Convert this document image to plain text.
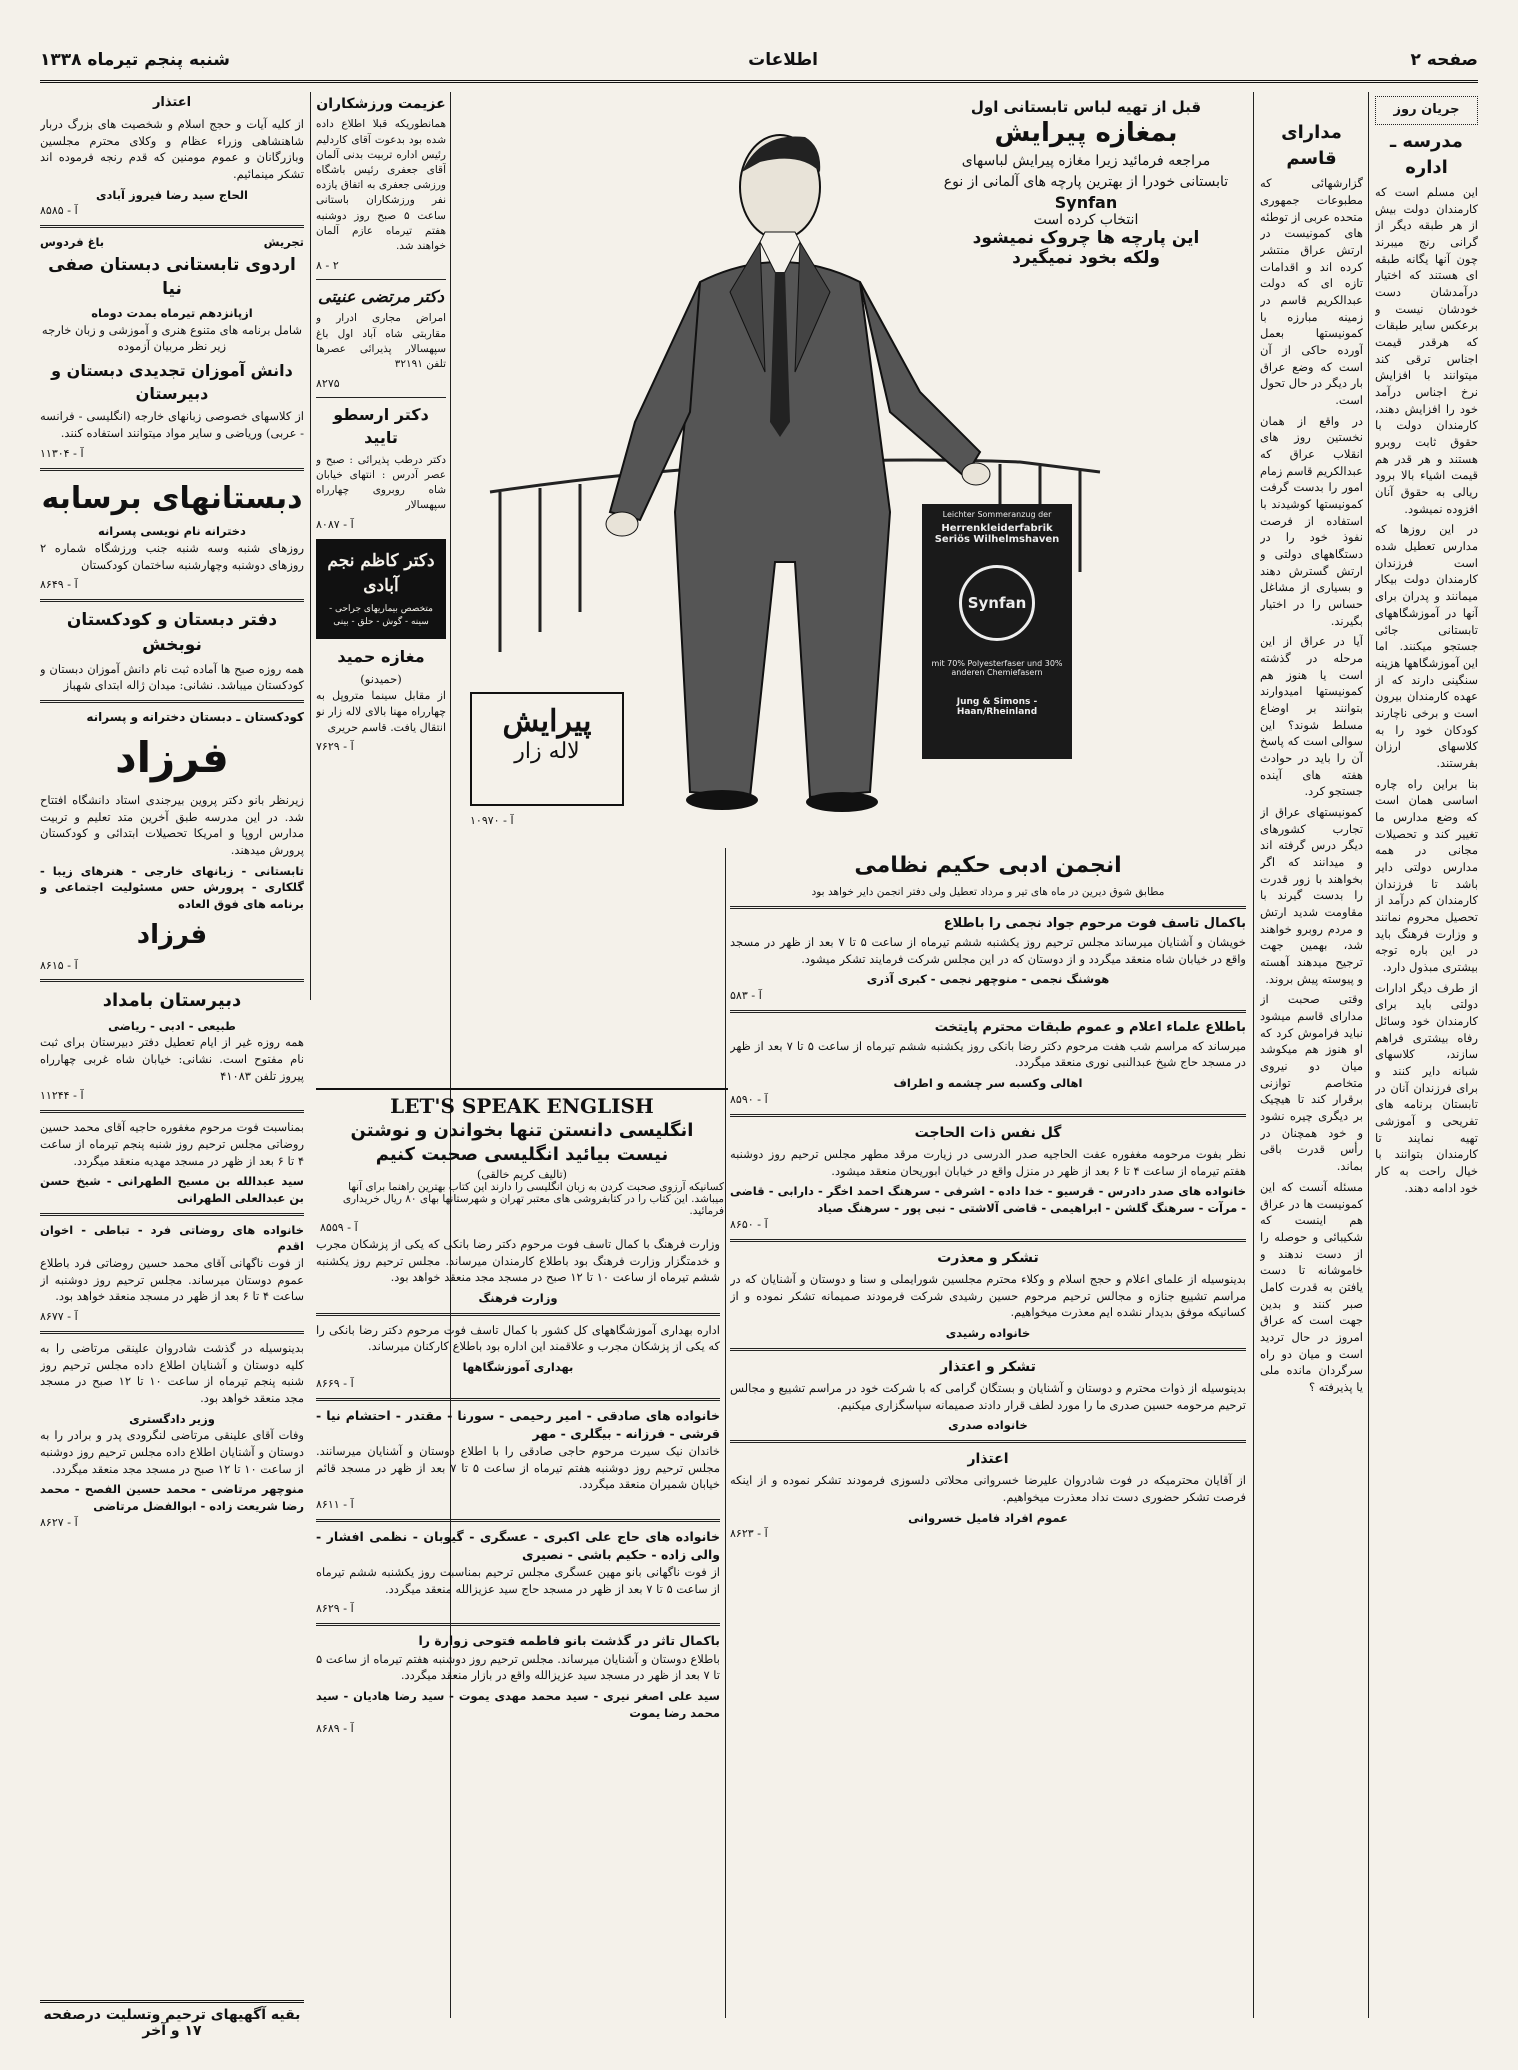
صفحه ۲
اطلاعات
شنبه پنجم تیرماه ۱۳۳۸
جریان روز
مدرسه ـ اداره

این مسلم است که کارمندان دولت بیش از هر طبقه دیگر از گرانی رنج میبرند چون آنها یگانه طبقه اى هستند که اختیار درآمدشان دست خودشان نیست و برعکس سایر طبقات که هرقدر قیمت اجناس ترقی کند میتوانند با افزایش نرخ اجناس درآمد خود را افزایش دهند، کارمندان دولت با حقوق ثابت روبرو هستند و هر قدر هم قیمت اشیاء بالا برود ریالی به حقوق آنان افزوده نمیشود.

در این روزها که مدارس تعطیل شده است فرزندان کارمندان دولت بیکار میمانند و پدران برای آنها در آموزشگاههای تابستانی جائی جستجو میکنند. اما این آموزشگاهها هزینه سنگینی دارند که از عهده کارمندان بیرون است و برخی ناچارند کودکان خود را به کلاسهای ارزان بفرستند.

بنا براین راه چاره اساسی همان است که وضع مدارس ما تغییر کند و تحصیلات مجانی در همه مدارس دولتی دایر باشد تا فرزندان کارمندان کم درآمد از تحصیل محروم نمانند و وزارت فرهنگ باید در این باره توجه بیشتری مبذول دارد.

از طرف دیگر ادارات دولتی باید برای کارمندان خود وسائل رفاه بیشتری فراهم سازند، کلاسهای شبانه دایر کنند و برای فرزندان آنان در تابستان برنامه های تفریحی و آموزشی تهیه نمایند تا کارمندان بتوانند با خیال راحت به کار خود ادامه دهند.

مدارای قاسم

گزارشهائی که مطبوعات جمهوری متحده عربی از توطئه های کمونیست در ارتش عراق منتشر کرده اند و اقدامات تازه ای که دولت عبدالکریم قاسم در زمینه مبارزه با کمونیستها بعمل آورده حاکی از آن است که وضع عراق بار دیگر در حال تحول است.

در واقع از همان نخستین روز های انقلاب عراق که عبدالکریم قاسم زمام امور را بدست گرفت کمونیستها کوشیدند با استفاده از فرصت نفوذ خود را در دستگاههای دولتی و ارتش گسترش دهند و بسیاری از مشاغل حساس را در اختیار بگیرند.

آیا در عراق از این مرحله در گذشته است یا هنوز هم کمونیستها امیدوارند بتوانند بر اوضاع مسلط شوند؟ این سوالی است که پاسخ آن را باید در حوادث هفته های آینده جستجو کرد.

کمونیستهای عراق از تجارب کشورهای دیگر درس گرفته اند و میدانند که اگر بخواهند با زور قدرت را بدست گیرند با مقاومت شدید ارتش و مردم روبرو خواهند شد، بهمین جهت ترجیح میدهند آهسته و پیوسته پیش بروند.

وقتی صحبت از مدارای قاسم میشود نباید فراموش کرد که او هنوز هم میکوشد میان دو نیروی متخاصم توازنی برقرار کند تا هیچیک بر دیگری چیره نشود و خود همچنان در رأس قدرت باقی بماند.

مسئله آنست که این کمونیست ها در عراق هم اینست که شکیبائی و حوصله را از دست ندهند و خاموشانه تا دست یافتن به قدرت کامل صبر کنند و بدین جهت است که عراق امروز در حال تردید است و میان دو راه سرگردان مانده ملی یا پذیرفته ؟

قبل از تهیه لباس تابستانی اول
بمغازه پیرایش
مراجعه فرمائید زیرا مغازه پیرایش لباسهای تابستانی خودرا از بهترین پارچه های آلمانی از نوع
Synfan
انتخاب کرده است
این پارچه ها چروک نمیشود
ولکه بخود نمیگیرد
Leichter Sommeranzug der
Herrenkleiderfabrik Seriös Wilhelmshaven
Synfan
mit 70% Polyesterfaser und 30% anderen Chemiefasern
Jung & Simons - Haan/Rheinland
پیرایش
لاله زار
آ - ۱۰۹۷۰
عزیمت ورزشکاران

همانطوریکه قبلا اطلاع داده شده بود بدعوت آقای کاردلیم رئیس اداره تربیت بدنی آلمان آقای جعفری رئیس باشگاه ورزشی جعفری به اتفاق یازده نفر ورزشکاران باستانی ساعت ۵ صبح روز دوشنبه هفتم تیرماه عازم آلمان خواهند شد.

۸ - ۲
دکتر مرتضی عنیتی

امراض مجاری ادرار و مقاربتی شاه آباد اول باغ سپهسالار پذیرائی عصرها تلفن ۳۲۱۹۱

۸۲۷۵
دکتر ارسطو تایید

دکتر درطب پذیرائی : صبح و عصر آدرس : انتهای خیابان شاه روبروی چهارراه سپهسالار

آ - ۸۰۸۷
دکتر کاظم نجم آبادی
متخصص بیماریهای جراحی - سینه - گوش - حلق - بینی
مغازه حمید
(حمیدنو)

از مقابل سینما متروپل به چهارراه مهنا بالای لاله زار نو انتقال یافت. قاسم حریری

آ - ۷۶۲۹
LET'S SPEAK ENGLISH
انگلیسی دانستن تنها بخواندن و نوشتن
نیست بیائید انگلیسی صحبت کنیم
(تالیف کریم خالقی)

کسانیکه آرزوی صحبت کردن به زبان انگلیسی را دارند این کتاب بهترین راهنما برای آنها میباشد. این کتاب را در کتابفروشی های معتبر تهران و شهرستانها بهای ۸۰ ریال خریداری فرمائید.

آ - ۸۵۵۹
انجمن ادبی حکیم نظامی

مطابق شوق دیرین در ماه های تیر و مرداد تعطیل ولی دفتر انجمن دایر خواهد بود

باکمال تاسف فوت مرحوم جواد نجمی را باطلاع

خویشان و آشنایان میرساند مجلس ترحیم روز یکشنبه ششم تیرماه از ساعت ۵ تا ۷ بعد از ظهر در مسجد واقع در خیابان شاه منعقد میگردد و از دوستان که در این مجلس شرکت فرمایند تشکر میشود.

هوشنگ نجمی - منوچهر نجمی - کبری آذری
آ - ۵۸۳
باطلاع علماء اعلام و عموم طبقات محترم پایتخت

میرساند که مراسم شب هفت مرحوم دکتر رضا بانکی روز یکشنبه ششم تیرماه از ساعت ۵ تا ۷ بعد از ظهر در مسجد حاج شیخ عبدالنبی نوری منعقد میگردد.

اهالی وکسبه سر چشمه و اطراف
آ - ۸۵۹۰
گل نفس ذات الحاجت

نظر بفوت مرحومه مغفوره عفت الحاجیه صدر الدرسی در زیارت مرقد مطهر مجلس ترحیم روز دوشنبه هفتم تیرماه از ساعت ۴ تا ۶ بعد از ظهر در منزل واقع در خیابان ابوریحان منعقد میشود.

خانواده های صدر دادرس - قرسیو - خدا داده - اشرفی - سرهنگ احمد اخگر - دارابی - قاضی - مرآت - سرهنگ گلشن - ابراهیمی - قاضی آلاشتی - نبی پور - سرهنگ صیاد
آ - ۸۶۵۰
تشکر و معذرت

بدینوسیله از علمای اعلام و حجج اسلام و وکلاء محترم مجلسین شورایملی و سنا و دوستان و آشنایان که در مراسم تشییع جنازه و مجالس ترحیم مرحوم حسین رشیدی شرکت فرمودند صمیمانه تشکر نموده و از کسانیکه موفق بدیدار نشده ایم معذرت میخواهیم.

خانواده رشیدی
تشکر و اعتذار

بدینوسیله از ذوات محترم و دوستان و آشنایان و بستگان گرامی که با شرکت خود در مراسم تشییع و مجالس ترحیم مرحومه حسین صدری ما را مورد لطف قرار دادند صمیمانه سپاسگزاری میکنیم.

خانواده صدری
اعتذار

از آقایان محترمیکه در فوت شادروان علیرضا خسروانی محلاتی دلسوزی فرمودند تشکر نموده و از اینکه فرصت تشکر حضوری دست نداد معذرت میخواهیم.

عموم افراد فامیل خسروانی
آ - ۸۶۲۳

وزارت فرهنگ با کمال تاسف فوت مرحوم دکتر رضا بانکی که یکی از پزشکان مجرب و خدمتگزار وزارت فرهنگ بود باطلاع کارمندان میرساند. مجلس ترحیم روز یکشنبه ششم تیرماه از ساعت ۱۰ تا ۱۲ صبح در مسجد مجد منعقد خواهد بود.

وزارت فرهنگ

اداره بهداری آموزشگاههای کل کشور با کمال تاسف فوت مرحوم دکتر رضا بانکی را که یکی از پزشکان مجرب و علاقمند این اداره بود باطلاع کارکنان میرساند.

بهداری آموزشگاهها
آ - ۸۶۶۹
خانواده های صادقی - امیر رحیمی - سورنا - مقتدر - احتشام نیا - قرشی - فرزانه - بیگلری - مهر

خاندان نیک سیرت مرحوم حاجی صادقی را با اطلاع دوستان و آشنایان میرسانند. مجلس ترحیم روز دوشنبه هفتم تیرماه از ساعت ۵ تا ۷ بعد از ظهر در مسجد قائم خیابان شمیران منعقد میگردد.

آ - ۸۶۱۱
خانواده های حاج علی اکبری - عسگری - گیوبان - نظمی افشار - والی زاده - حکیم باشی - نصیری

از فوت ناگهانی بانو مهین عسگری مجلس ترحیم بمناسبت روز یکشنبه ششم تیرماه از ساعت ۵ تا ۷ بعد از ظهر در مسجد حاج سید عزیزالله منعقد میگردد.

آ - ۸۶۲۹
باکمال تاثر در گذشت بانو فاطمه فتوحی زوارة را

باطلاع دوستان و آشنایان میرساند. مجلس ترحیم روز دوشنبه هفتم تیرماه از ساعت ۵ تا ۷ بعد از ظهر در مسجد سید عزیزالله واقع در بازار منعقد میگردد.

سید علی اصغر نیری - سید محمد مهدی یموت - سید رضا هادیان - سید محمد رضا یموت
آ - ۸۶۸۹
اعتذار

از کلیه آیات و حجج اسلام و شخصیت های بزرگ دربار شاهنشاهی وزراء عظام و وکلای محترم مجلسین وبازرگانان و عموم مومنین که قدم رنجه فرموده اند تشکر مینمائیم.

الحاج سید رضا فیروز آبادی
آ - ۸۵۸۵
تجریش
باغ فردوس
اردوی تابستانی دبستان صفی نیا
ازپانزدهم تیرماه بمدت دوماه

شامل برنامه های متنوع هنری و آموزشی و زبان خارجه زیر نظر مربیان آزموده

دانش آموزان تجدیدی دبستان و دبیرستان

از کلاسهای خصوصی زبانهای خارجه (انگلیسی - فرانسه - عربی) وریاضی و سایر مواد میتوانند استفاده کنند.

آ - ۱۱۳۰۴
دبستانهای برسابه
دخترانه نام نویسی پسرانه

روزهای شنبه وسه شنبه جنب ورزشگاه شماره ۲ روزهای دوشنبه وچهارشنبه ساختمان کودکستان

آ - ۸۶۴۹
دفتر دبستان و کودکستان نوبخش

همه روزه صبح ها آماده ثبت نام دانش آموزان دبستان و کودکستان میباشد. نشانی: میدان ژاله ابتدای شهباز

کودکستان ـ دبستان دخترانه و پسرانه
فرزاد

زیرنظر بانو دکتر پروین بیرجندی استاد دانشگاه افتتاح شد. در این مدرسه طبق آخرین متد تعلیم و تربیت مدارس اروپا و امریکا تحصیلات ابتدائی و کودکستان پرورش میدهند.

تابستانی - زبانهای خارجی - هنرهای زیبا - گلکاری - پرورش حس مسئولیت اجتماعی و برنامه های فوق العاده

فرزاد
آ - ۸۶۱۵
دبیرستان بامداد
طبیعی - ادبی - ریاضی

همه روزه غیر از ایام تعطیل دفتر دبیرستان برای ثبت نام مفتوح است. نشانی: خیابان شاه غربی چهارراه پیروز تلفن ۴۱۰۸۳

آ - ۱۱۲۴۴

بمناسبت فوت مرحوم مغفوره حاجیه آقای محمد حسین روضاتی مجلس ترحیم روز شنبه پنجم تیرماه از ساعت ۴ تا ۶ بعد از ظهر در مسجد مهدیه منعقد میگردد.

سید عبدالله بن مسیح الطهرانی - شیخ حسن بن عبدالعلی الطهرانی
خانواده های روضاتی فرد - تباطی - اخوان اقدم

از فوت ناگهانی آقای محمد حسین روضاتی فرد باطلاع عموم دوستان میرساند. مجلس ترحیم روز دوشنبه از ساعت ۴ تا ۶ بعد از ظهر در مسجد منعقد خواهد بود.

آ - ۸۶۷۷

بدینوسیله در گذشت شادروان علینقی مرتاضی را به کلیه دوستان و آشنایان اطلاع داده مجلس ترحیم روز شنبه پنجم تیرماه از ساعت ۱۰ تا ۱۲ صبح در مسجد مجد منعقد خواهد بود.

وزیر دادگستری

وفات آقای علینقی مرتاضی لنگرودی پدر و برادر را به دوستان و آشنایان اطلاع داده مجلس ترحیم روز دوشنبه از ساعت ۱۰ تا ۱۲ صبح در مسجد مجد منعقد میگردد.

منوچهر مرتاضی - محمد حسین الفصح - محمد رضا شریعت زاده - ابوالفضل مرتاضی
آ - ۸۶۲۷
بقیه آگهیهای ترحیم وتسلیت درصفحه ۱۷ و آخر
